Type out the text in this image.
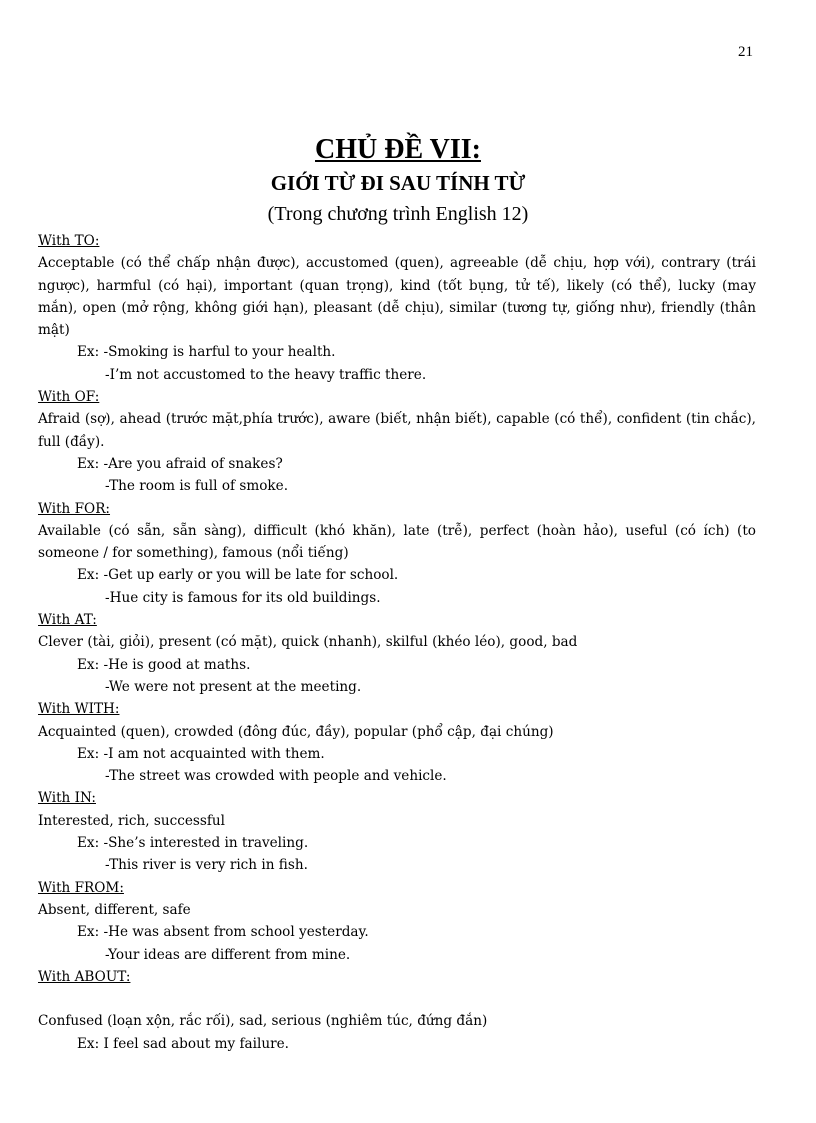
21
CHỦ ĐỀ VII:
GIỚI TỪ ĐI SAU TÍNH TỪ
(Trong chương trình English 12)

With TO:

Acceptable (có thể chấp nhận được), accustomed (quen), agreeable (dễ chịu, hợp với), contrary (trái ngược), harmful (có hại), important (quan trọng), kind (tốt bụng, tử tế), likely (có thể), lucky (may mắn), open (mở rộng, không giới hạn), pleasant (dễ chịu), similar (tương tự, giống như), friendly (thân mật)

Ex: -Smoking is harful to your health.

-I’m not accustomed to the heavy traffic there.

With OF:

Afraid (sợ), ahead (trước mặt,phía trước), aware (biết, nhận biết), capable (có thể), confident (tin chắc), full (đầy).

Ex: -Are you afraid of snakes?

-The room is full of smoke.

With FOR:

Available (có sẵn, sẵn sàng), difficult (khó khăn), late (trễ), perfect (hoàn hảo), useful (có ích) (to someone / for something), famous (nổi tiếng)

Ex: -Get up early or you will be late for school.

-Hue city is famous for its old buildings.

With AT:

Clever (tài, giỏi), present (có mặt), quick (nhanh), skilful (khéo léo), good, bad

Ex: -He is good at maths.

-We were not present at the meeting.

With WITH:

Acquainted (quen), crowded (đông đúc, đầy), popular (phổ cập, đại chúng)

Ex: -I am not acquainted with them.

-The street was crowded with people and vehicle.

With IN:

Interested, rich, successful

Ex: -She’s interested in traveling.

-This river is very rich in fish.

With FROM:

Absent, different, safe

Ex: -He was absent from school yesterday.

-Your ideas are different from mine.

With ABOUT:

Confused (loạn xộn, rắc rối), sad, serious (nghiêm túc, đứng đắn)

Ex: I feel sad about my failure.
